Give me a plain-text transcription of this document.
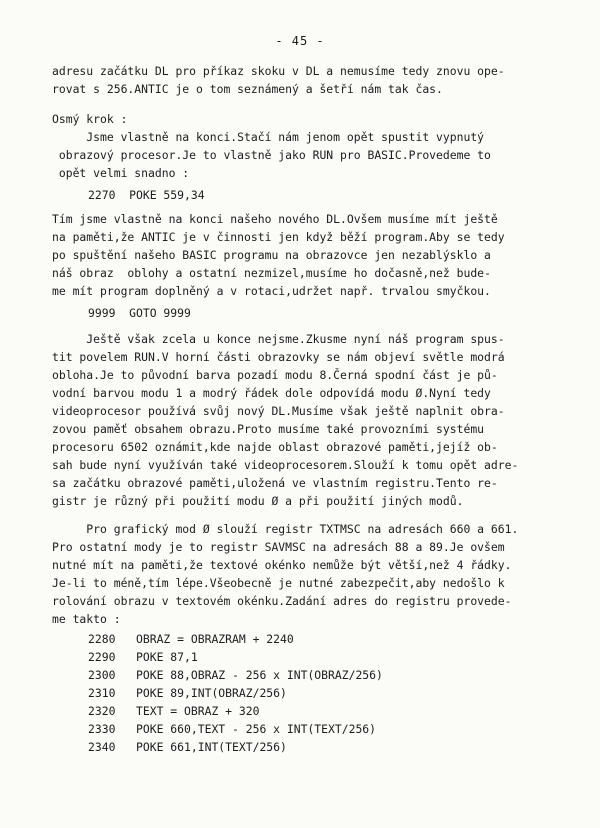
- 45 -
adresu začátku DL pro příkaz skoku v DL a nemusíme tedy znovu ope-
rovat s 256.ANTIC je o tom seznámený a šetří nám tak čas.
Osmý krok :
Jsme vlastně na konci.Stačí nám jenom opět spustit vypnutý
obrazový procesor.Je to vlastně jako RUN pro BASIC.Provedeme to
opět velmi snadno :
2270  POKE 559,34
Tím jsme vlastně na konci našeho nového DL.Ovšem musíme mít ještě
na paměti,že ANTIC je v činnosti jen když běží program.Aby se tedy
po spuštění našeho BASIC programu na obrazovce jen nezablýsklo a
náš obraz  oblohy a ostatní nezmizel,musíme ho dočasně,než bude-
me mít program doplněný a v rotaci,udržet např. trvalou smyčkou.
9999  GOTO 9999
Ještě však zcela u konce nejsme.Zkusme nyní náš program spus-
tit povelem RUN.V horní části obrazovky se nám objeví světle modrá
obloha.Je to původní barva pozadí modu 8.Černá spodní část je pů-
vodní barvou modu 1 a modrý řádek dole odpovídá modu Ø.Nyní tedy
videoprocesor používá svůj nový DL.Musíme však ještě naplnit obra-
zovou paměť obsahem obrazu.Proto musíme také provozními systému
procesoru 6502 oznámit,kde najde oblast obrazové paměti,jejíž ob-
sah bude nyní využíván také videoprocesorem.Slouží k tomu opět adre-
sa začátku obrazové paměti,uložená ve vlastním registru.Tento re-
gistr je různý při použití modu Ø a při použití jiných modů.
Pro grafický mod Ø slouží registr TXTMSC na adresách 660 a 661.
Pro ostatní mody je to registr SAVMSC na adresách 88 a 89.Je ovšem
nutné mít na paměti,že textové okénko nemůže být větší,než 4 řádky.
Je-li to méně,tím lépe.Všeobecně je nutné zabezpečit,aby nedošlo k
rolování obrazu v textovém okénku.Zadání adres do registru provede-
me takto :
2280   OBRAZ = OBRAZRAM + 2240
2290   POKE 87,1
2300   POKE 88,OBRAZ - 256 x INT(OBRAZ/256)
2310   POKE 89,INT(OBRAZ/256)
2320   TEXT = OBRAZ + 320
2330   POKE 660,TEXT - 256 x INT(TEXT/256)
2340   POKE 661,INT(TEXT/256)
